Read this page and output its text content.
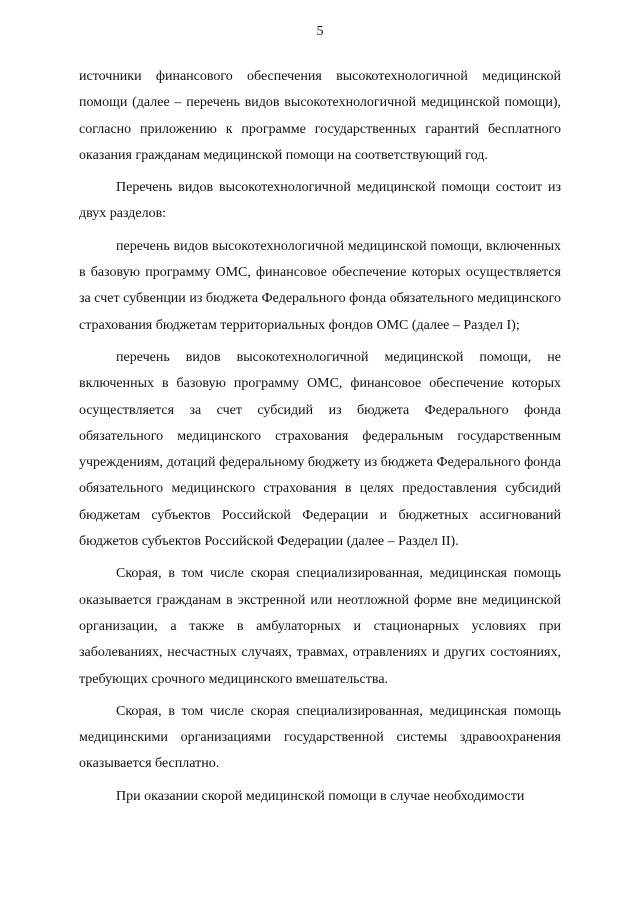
5

источники финансового обеспечения высокотехнологичной медицинской помощи (далее – перечень видов высокотехнологичной медицинской помощи), согласно приложению к программе государственных гарантий бесплатного оказания гражданам медицинской помощи на соответствующий год.

Перечень видов высокотехнологичной медицинской помощи состоит из двух разделов:

перечень видов высокотехнологичной медицинской помощи, включенных в базовую программу ОМС, финансовое обеспечение которых осуществляется за счет субвенции из бюджета Федерального фонда обязательного медицинского страхования бюджетам территориальных фондов ОМС (далее – Раздел I);

перечень видов высокотехнологичной медицинской помощи, не включенных в базовую программу ОМС, финансовое обеспечение которых осуществляется за счет субсидий из бюджета Федерального фонда обязательного медицинского страхования федеральным государственным учреждениям, дотаций федеральному бюджету из бюджета Федерального фонда обязательного медицинского страхования в целях предоставления субсидий бюджетам субъектов Российской Федерации и бюджетных ассигнований бюджетов субъектов Российской Федерации (далее – Раздел II).

Скорая, в том числе скорая специализированная, медицинская помощь оказывается гражданам в экстренной или неотложной форме вне медицинской организации, а также в амбулаторных и стационарных условиях при заболеваниях, несчастных случаях, травмах, отравлениях и других состояниях, требующих срочного медицинского вмешательства.

Скорая, в том числе скорая специализированная, медицинская помощь медицинскими организациями государственной системы здравоохранения оказывается бесплатно.

При оказании скорой медицинской помощи в случае необходимости
